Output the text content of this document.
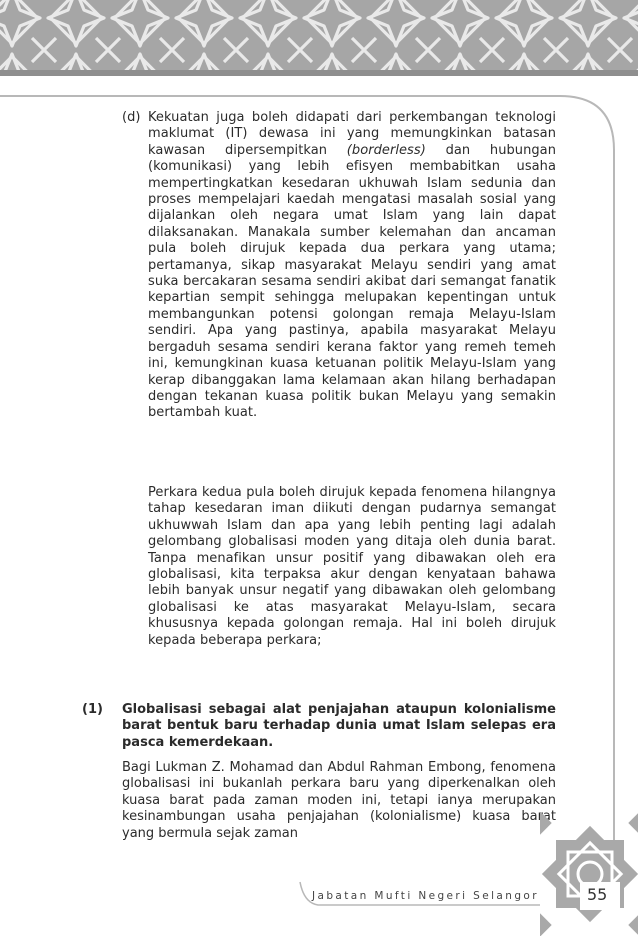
(d) Kekuatan juga boleh didapati dari perkembangan teknologi maklumat (IT) dewasa ini yang memungkinkan batasan kawasan dipersempitkan (borderless) dan hubungan (komunikasi) yang lebih efisyen membabitkan usaha mempertingkatkan kesedaran ukhuwah Islam sedunia dan proses mempelajari kaedah mengatasi masalah sosial yang dijalankan oleh negara umat Islam yang lain dapat dilaksanakan. Manakala sumber kelemahan dan ancaman pula boleh dirujuk kepada dua perkara yang utama; pertamanya, sikap masyarakat Melayu sendiri yang amat suka bercakaran sesama sendiri akibat dari semangat fanatik kepartian sempit sehingga melupakan kepentingan untuk membangunkan potensi golongan remaja Melayu-Islam sendiri. Apa yang pastinya, apabila masyarakat Melayu bergaduh sesama sendiri kerana faktor yang remeh temeh ini, kemungkinan kuasa ketuanan politik Melayu-Islam yang kerap dibanggakan lama kelamaan akan hilang berhadapan dengan tekanan kuasa politik bukan Melayu yang semakin bertambah kuat.

Perkara kedua pula boleh dirujuk kepada fenomena hilangnya tahap kesedaran iman diikuti dengan pudarnya semangat ukhuwwah Islam dan apa yang lebih penting lagi adalah gelombang globalisasi moden yang ditaja oleh dunia barat. Tanpa menafikan unsur positif yang dibawakan oleh era globalisasi, kita terpaksa akur dengan kenyataan bahawa lebih banyak unsur negatif yang dibawakan oleh gelombang globalisasi ke atas masyarakat Melayu-Islam, secara khususnya kepada golongan remaja. Hal ini boleh dirujuk kepada beberapa perkara;

(1) Globalisasi sebagai alat penjajahan ataupun kolonialisme barat bentuk baru terhadap dunia umat Islam selepas era pasca kemerdekaan.

Bagi Lukman Z. Mohamad dan Abdul Rahman Embong, fenomena globalisasi ini bukanlah perkara baru yang diperkenalkan oleh kuasa barat pada zaman moden ini, tetapi ianya merupakan kesinambungan usaha penjajahan (kolonialisme) kuasa barat yang bermula sejak zaman

Jabatan Mufti Negeri Selangor	55
